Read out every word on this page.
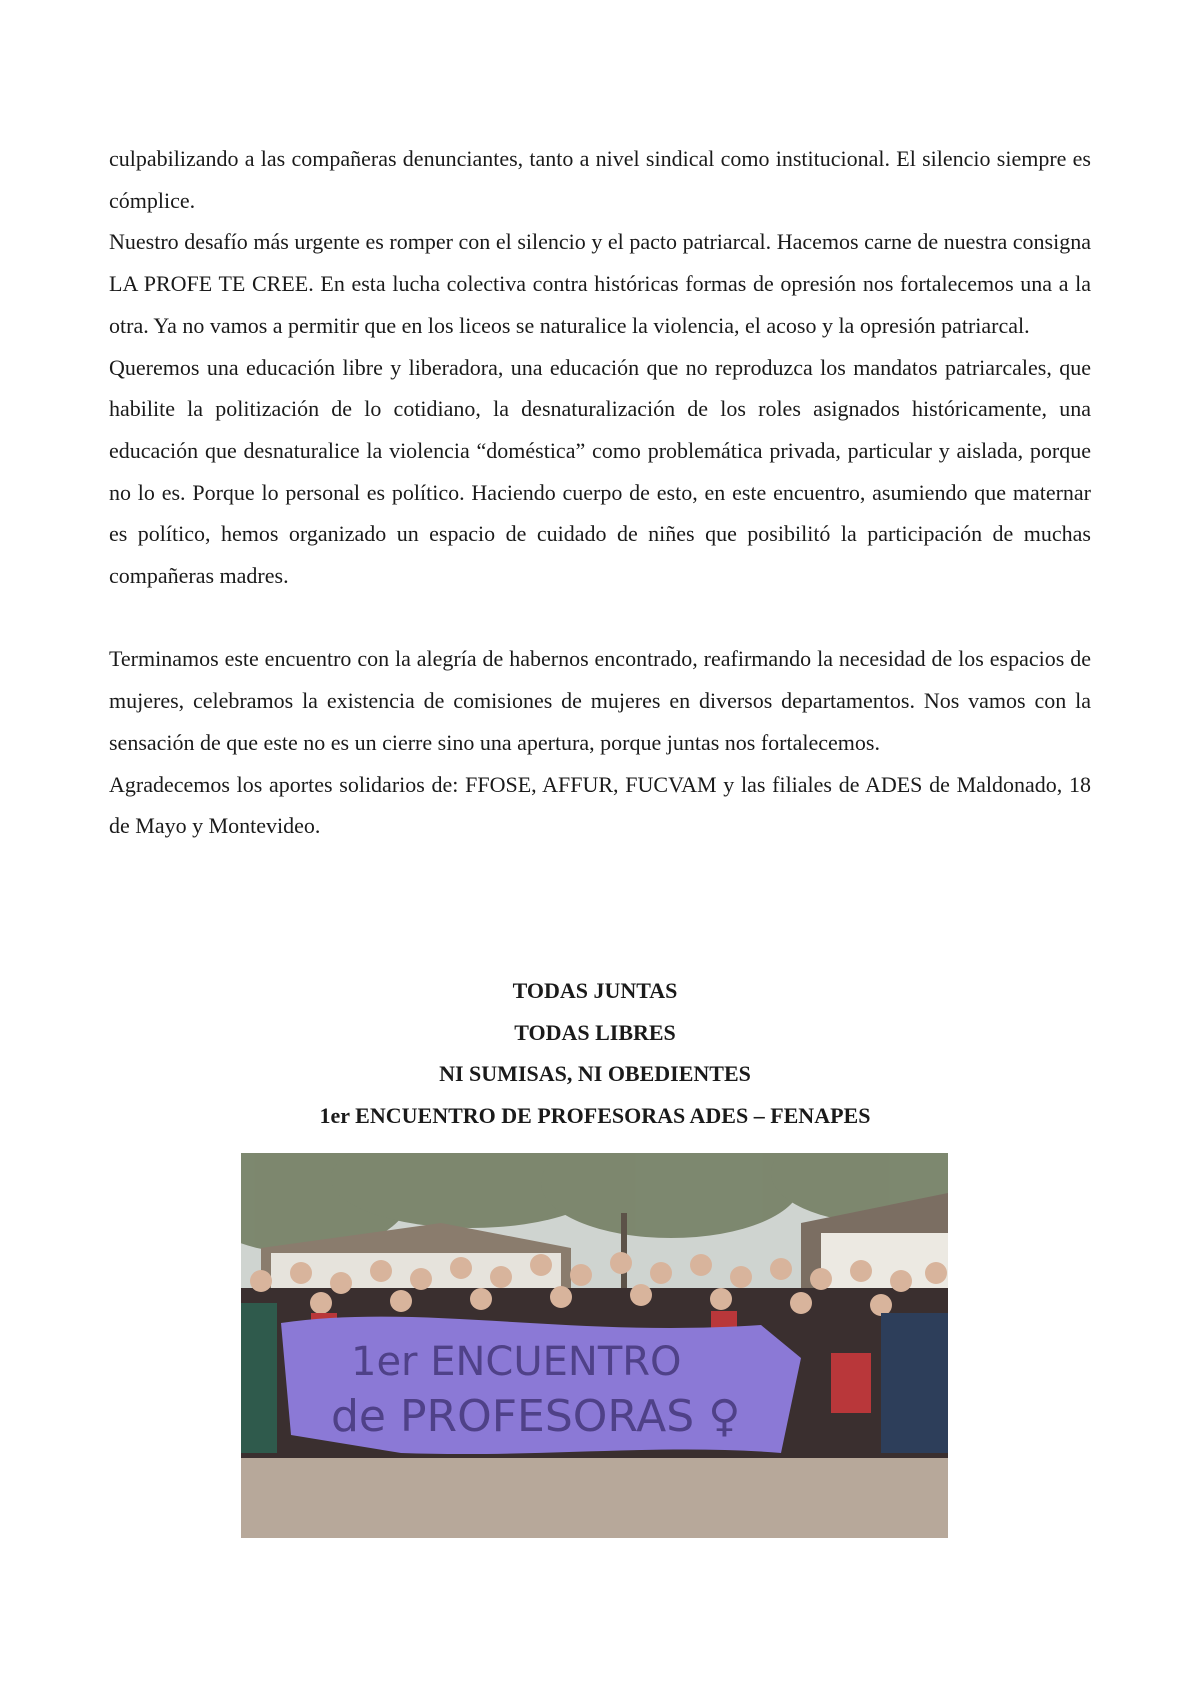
culpabilizando a las compañeras denunciantes, tanto a nivel sindical como institucional. El silencio siempre es cómplice.

Nuestro desafío más urgente es romper con el silencio y el pacto patriarcal. Hacemos carne de nuestra consigna LA PROFE TE CREE. En esta lucha colectiva contra históricas formas de opresión nos fortalecemos una a la otra. Ya no vamos a permitir que en los liceos se naturalice la violencia, el acoso y la opresión patriarcal.

Queremos una educación libre y liberadora, una educación que no reproduzca los mandatos patriarcales, que habilite la politización de lo cotidiano, la desnaturalización de los roles asignados históricamente, una educación que desnaturalice la violencia “doméstica” como problemática privada, particular y aislada, porque no lo es. Porque lo personal es político. Haciendo cuerpo de esto, en este encuentro, asumiendo que maternar es político, hemos organizado un espacio de cuidado de niñes que posibilitó la participación de muchas compañeras madres.

Terminamos este encuentro con la alegría de habernos encontrado, reafirmando la necesidad de los espacios de mujeres, celebramos la existencia de comisiones de mujeres en diversos departamentos. Nos vamos con la sensación de que este no es un cierre sino una apertura, porque juntas nos fortalecemos.

Agradecemos los aportes solidarios de: FFOSE, AFFUR, FUCVAM y las filiales de ADES de Maldonado, 18 de Mayo y Montevideo.

TODAS JUNTAS
TODAS LIBRES
NI SUMISAS, NI OBEDIENTES
1er ENCUENTRO DE PROFESORAS ADES – FENAPES
1er ENCUENTRO
de PROFESORAS ♀
